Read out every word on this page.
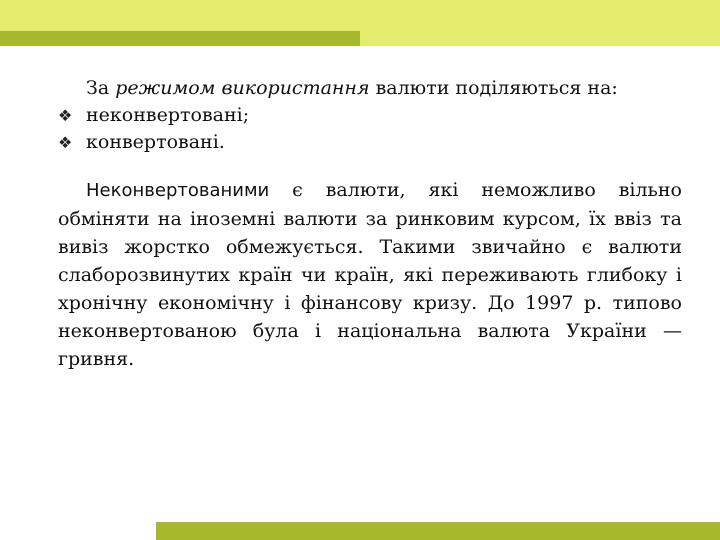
За режимом використання валюти поділяються на:

❖ неконвертовані;
❖ конвертовані.

Неконвертованими є валюти, які неможливо вільно обміняти на іноземні валюти за ринковим курсом, їх ввіз та вивіз жорстко обмежується. Такими звичайно є валюти слаборозвинутих країн чи країн, які переживають глибоку і хронічну економічну і фінансову кризу. До 1997 р. типово неконвертованою була і національна валюта України — гривня.
